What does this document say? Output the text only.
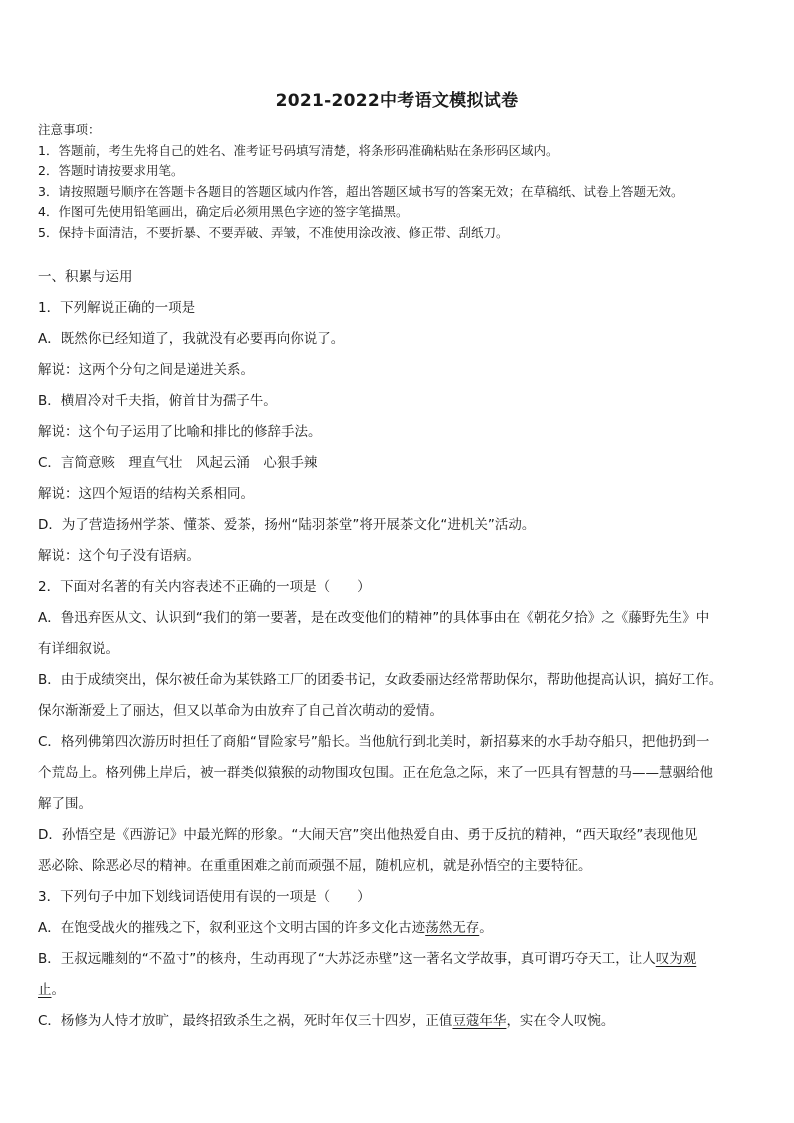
2021-2022中考语文模拟试卷
注意事项：
1．答题前，考生先将自己的姓名、准考证号码填写清楚，将条形码准确粘贴在条形码区域内。
2．答题时请按要求用笔。
3．请按照题号顺序在答题卡各题目的答题区域内作答，超出答题区域书写的答案无效；在草稿纸、试卷上答题无效。
4．作图可先使用铅笔画出，确定后必须用黑色字迹的签字笔描黑。
5．保持卡面清洁，不要折暴、不要弄破、弄皱，不准使用涂改液、修正带、刮纸刀。
一、积累与运用
1．下列解说正确的一项是
A．既然你已经知道了，我就没有必要再向你说了。
解说：这两个分句之间是递进关系。
B．横眉冷对千夫指，俯首甘为孺子牛。
解说：这个句子运用了比喻和排比的修辞手法。
C．言简意赅　理直气壮　风起云涌　心狠手辣
解说：这四个短语的结构关系相同。
D．为了营造扬州学茶、懂茶、爱茶，扬州“陆羽茶堂”将开展茶文化“进机关”活动。
解说：这个句子没有语病。
2．下面对名著的有关内容表述不正确的一项是（　　）
A．鲁迅弃医从文、认识到“我们的第一要著，是在改变他们的精神”的具体事由在《朝花夕拾》之《藤野先生》中
有详细叙说。
B．由于成绩突出，保尔被任命为某铁路工厂的团委书记，女政委丽达经常帮助保尔，帮助他提高认识，搞好工作。
保尔渐渐爱上了丽达，但又以革命为由放弃了自己首次萌动的爱情。
C．格列佛第四次游历时担任了商船“冒险家号”船长。当他航行到北美时，新招募来的水手劫夺船只，把他扔到一
个荒岛上。格列佛上岸后，被一群类似猿猴的动物围攻包围。正在危急之际，来了一匹具有智慧的马——慧骃给他
解了围。
D．孙悟空是《西游记》中最光辉的形象。“大闹天宫”突出他热爱自由、勇于反抗的精神，“西天取经”表现他见
恶必除、除恶必尽的精神。在重重困难之前而顽强不屈，随机应机，就是孙悟空的主要特征。
3．下列句子中加下划线词语使用有误的一项是（　　）
A．在饱受战火的摧残之下，叙利亚这个文明古国的许多文化古迹荡然无存。
B．王叔远雕刻的“不盈寸”的核舟，生动再现了“大苏泛赤壁”这一著名文学故事，真可谓巧夺天工，让人叹为观
止。
C．杨修为人恃才放旷，最终招致杀生之祸，死时年仅三十四岁，正值豆蔻年华，实在令人叹惋。
